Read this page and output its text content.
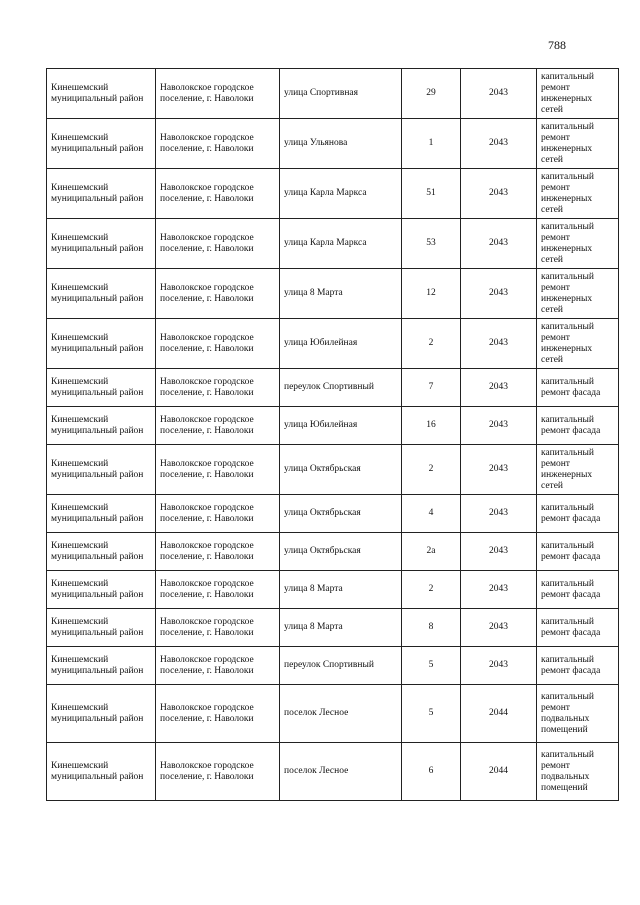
788
Кинешемский муниципальный район	Наволокское городское поселение, г. Наволоки	улица Спортивная	29	2043	капитальный ремонт инженерных сетей
Кинешемский муниципальный район	Наволокское городское поселение, г. Наволоки	улица Ульянова	1	2043	капитальный ремонт инженерных сетей
Кинешемский муниципальный район	Наволокское городское поселение, г. Наволоки	улица Карла Маркса	51	2043	капитальный ремонт инженерных сетей
Кинешемский муниципальный район	Наволокское городское поселение, г. Наволоки	улица Карла Маркса	53	2043	капитальный ремонт инженерных сетей
Кинешемский муниципальный район	Наволокское городское поселение, г. Наволоки	улица 8 Марта	12	2043	капитальный ремонт инженерных сетей
Кинешемский муниципальный район	Наволокское городское поселение, г. Наволоки	улица Юбилейная	2	2043	капитальный ремонт инженерных сетей
Кинешемский муниципальный район	Наволокское городское поселение, г. Наволоки	переулок Спортивный	7	2043	капитальный ремонт фасада
Кинешемский муниципальный район	Наволокское городское поселение, г. Наволоки	улица Юбилейная	16	2043	капитальный ремонт фасада
Кинешемский муниципальный район	Наволокское городское поселение, г. Наволоки	улица Октябрьская	2	2043	капитальный ремонт инженерных сетей
Кинешемский муниципальный район	Наволокское городское поселение, г. Наволоки	улица Октябрьская	4	2043	капитальный ремонт фасада
Кинешемский муниципальный район	Наволокское городское поселение, г. Наволоки	улица Октябрьская	2а	2043	капитальный ремонт фасада
Кинешемский муниципальный район	Наволокское городское поселение, г. Наволоки	улица 8 Марта	2	2043	капитальный ремонт фасада
Кинешемский муниципальный район	Наволокское городское поселение, г. Наволоки	улица 8 Марта	8	2043	капитальный ремонт фасада
Кинешемский муниципальный район	Наволокское городское поселение, г. Наволоки	переулок Спортивный	5	2043	капитальный ремонт фасада
Кинешемский муниципальный район	Наволокское городское поселение, г. Наволоки	поселок Лесное	5	2044	капитальный ремонт подвальных помещений
Кинешемский муниципальный район	Наволокское городское поселение, г. Наволоки	поселок Лесное	6	2044	капитальный ремонт подвальных помещений
